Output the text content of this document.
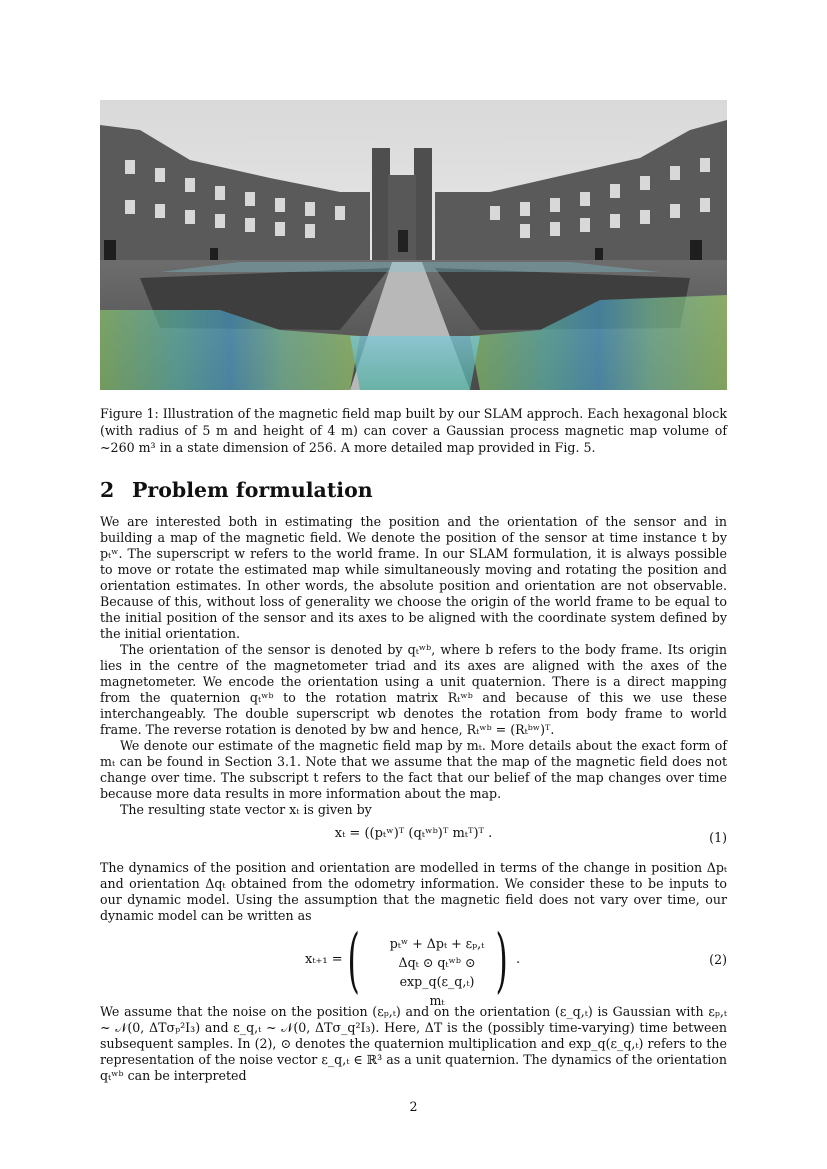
Figure 1: Illustration of the magnetic field map built by our SLAM approch. Each hexagonal block (with radius of 5 m and height of 4 m) can cover a Gaussian process magnetic map volume of ~260 m³ in a state dimension of 256. A more detailed map provided in Fig. 5.
2 Problem formulation

We are interested both in estimating the position and the orientation of the sensor and in building a map of the magnetic field. We denote the position of the sensor at time instance t by pₜʷ. The superscript w refers to the world frame. In our SLAM formulation, it is always possible to move or rotate the estimated map while simultaneously moving and rotating the position and orientation estimates. In other words, the absolute position and orientation are not observable. Because of this, without loss of generality we choose the origin of the world frame to be equal to the initial position of the sensor and its axes to be aligned with the coordinate system defined by the initial orientation.

The orientation of the sensor is denoted by qₜʷᵇ, where b refers to the body frame. Its origin lies in the centre of the magnetometer triad and its axes are aligned with the axes of the magnetometer. We encode the orientation using a unit quaternion. There is a direct mapping from the quaternion qₜʷᵇ to the rotation matrix Rₜʷᵇ and because of this we use these interchangeably. The double superscript wb denotes the rotation from body frame to world frame. The reverse rotation is denoted by bw and hence, Rₜʷᵇ = (Rₜᵇʷ)ᵀ.

We denote our estimate of the magnetic field map by mₜ. More details about the exact form of mₜ can be found in Section 3.1. Note that we assume that the map of the magnetic field does not change over time. The subscript t refers to the fact that our belief of the map changes over time because more data results in more information about the map.

The resulting state vector xₜ is given by

xₜ = ((pₜʷ)ᵀ (qₜʷᵇ)ᵀ mₜᵀ)ᵀ .	(1)

The dynamics of the position and orientation are modelled in terms of the change in position Δpₜ and orientation Δqₜ obtained from the odometry information. We consider these to be inputs to our dynamic model. Using the assumption that the magnetic field does not vary over time, our dynamic model can be written as

xₜ₊₁ = (	pₜʷ + Δpₜ + εₚ,ₜ
Δqₜ ⊙ qₜʷᵇ ⊙ exp_q(ε_q,ₜ)
mₜ ) .	(2)

We assume that the noise on the position (εₚ,ₜ) and on the orientation (ε_q,ₜ) is Gaussian with εₚ,ₜ ~ 𝒩(0, ΔTσₚ²I₃) and ε_q,ₜ ~ 𝒩(0, ΔTσ_q²I₃). Here, ΔT is the (possibly time-varying) time between subsequent samples. In (2), ⊙ denotes the quaternion multiplication and exp_q(ε_q,ₜ) refers to the representation of the noise vector ε_q,ₜ ∈ ℝ³ as a unit quaternion. The dynamics of the orientation qₜʷᵇ can be interpreted

2
